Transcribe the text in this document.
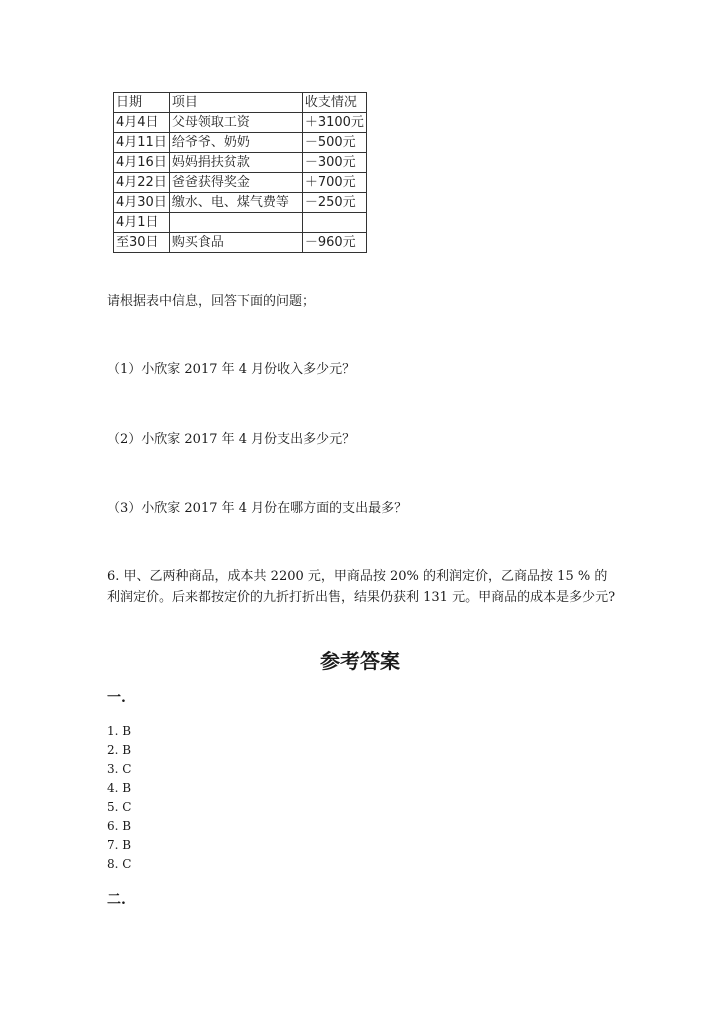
日期	项目	收支情况
4月4日	父母领取工资	＋3100元
4月11日	给爷爷、奶奶	－500元
4月16日	妈妈捐扶贫款	－300元
4月22日	爸爸获得奖金	＋700元
4月30日	缴水、电、煤气费等	－250元
4月1日		
至30日	购买食品	－960元
请根据表中信息，回答下面的问题；
（1）小欣家 2017 年 4 月份收入多少元？
（2）小欣家 2017 年 4 月份支出多少元？
（3）小欣家 2017 年 4 月份在哪方面的支出最多？
6. 甲、乙两种商品，成本共 2200 元，甲商品按 20% 的利润定价，乙商品按 15 % 的利润定价。后来都按定价的九折打折出售，结果仍获利 131 元。甲商品的成本是多少元?
参考答案
一.
1. B
2. B
3. C
4. B
5. C
6. B
7. B
8. C
二.
